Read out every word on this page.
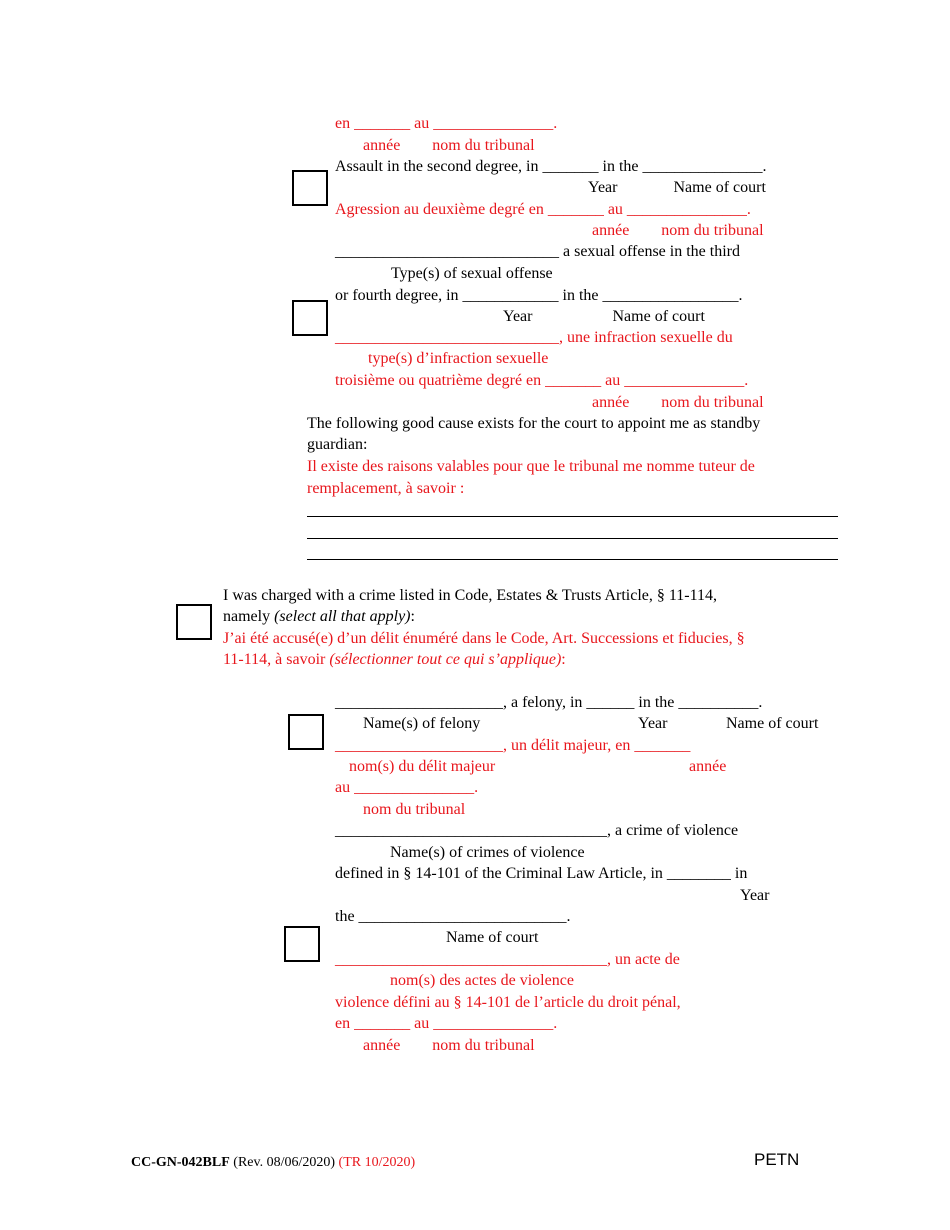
en _______ au _______________.
année        nom du tribunal
Assault in the second degree, in _______ in the _______________.
Year              Name of court
Agression au deuxième degré en _______ au _______________.
année        nom du tribunal
____________________________ a sexual offense in the third
Type(s) of sexual offense
or fourth degree, in ____________ in the _________________.
Year                    Name of court
____________________________, une infraction sexuelle du
type(s) d’infraction sexuelle
troisième ou quatrième degré en _______ au _______________.
année        nom du tribunal
The following good cause exists for the court to appoint me as standby
guardian:
Il existe des raisons valables pour que le tribunal me nomme tuteur de
remplacement, à savoir :
I was charged with a crime listed in Code, Estates & Trusts Article, § 11-114,
namely (select all that apply):
J’ai été accusé(e) d’un délit énuméré dans le Code, Art. Successions et fiducies, §
11-114, à savoir (sélectionner tout ce qui s’applique):
_____________________, a felony, in ______ in the __________.
Name(s) of felony	Year	Name of court
_____________________, un délit majeur, en _______
nom(s) du délit majeur	année
au _______________.
nom du tribunal
__________________________________, a crime of violence
Name(s) of crimes of violence
defined in § 14-101 of the Criminal Law Article, in ________ in
Year
the __________________________.
Name of court
__________________________________, un acte de
nom(s) des actes de violence
violence défini au § 14-101 de l’article du droit pénal,
en _______ au _______________.
année        nom du tribunal
CC-GN-042BLF (Rev. 08/06/2020) (TR 10/2020)	PETN
